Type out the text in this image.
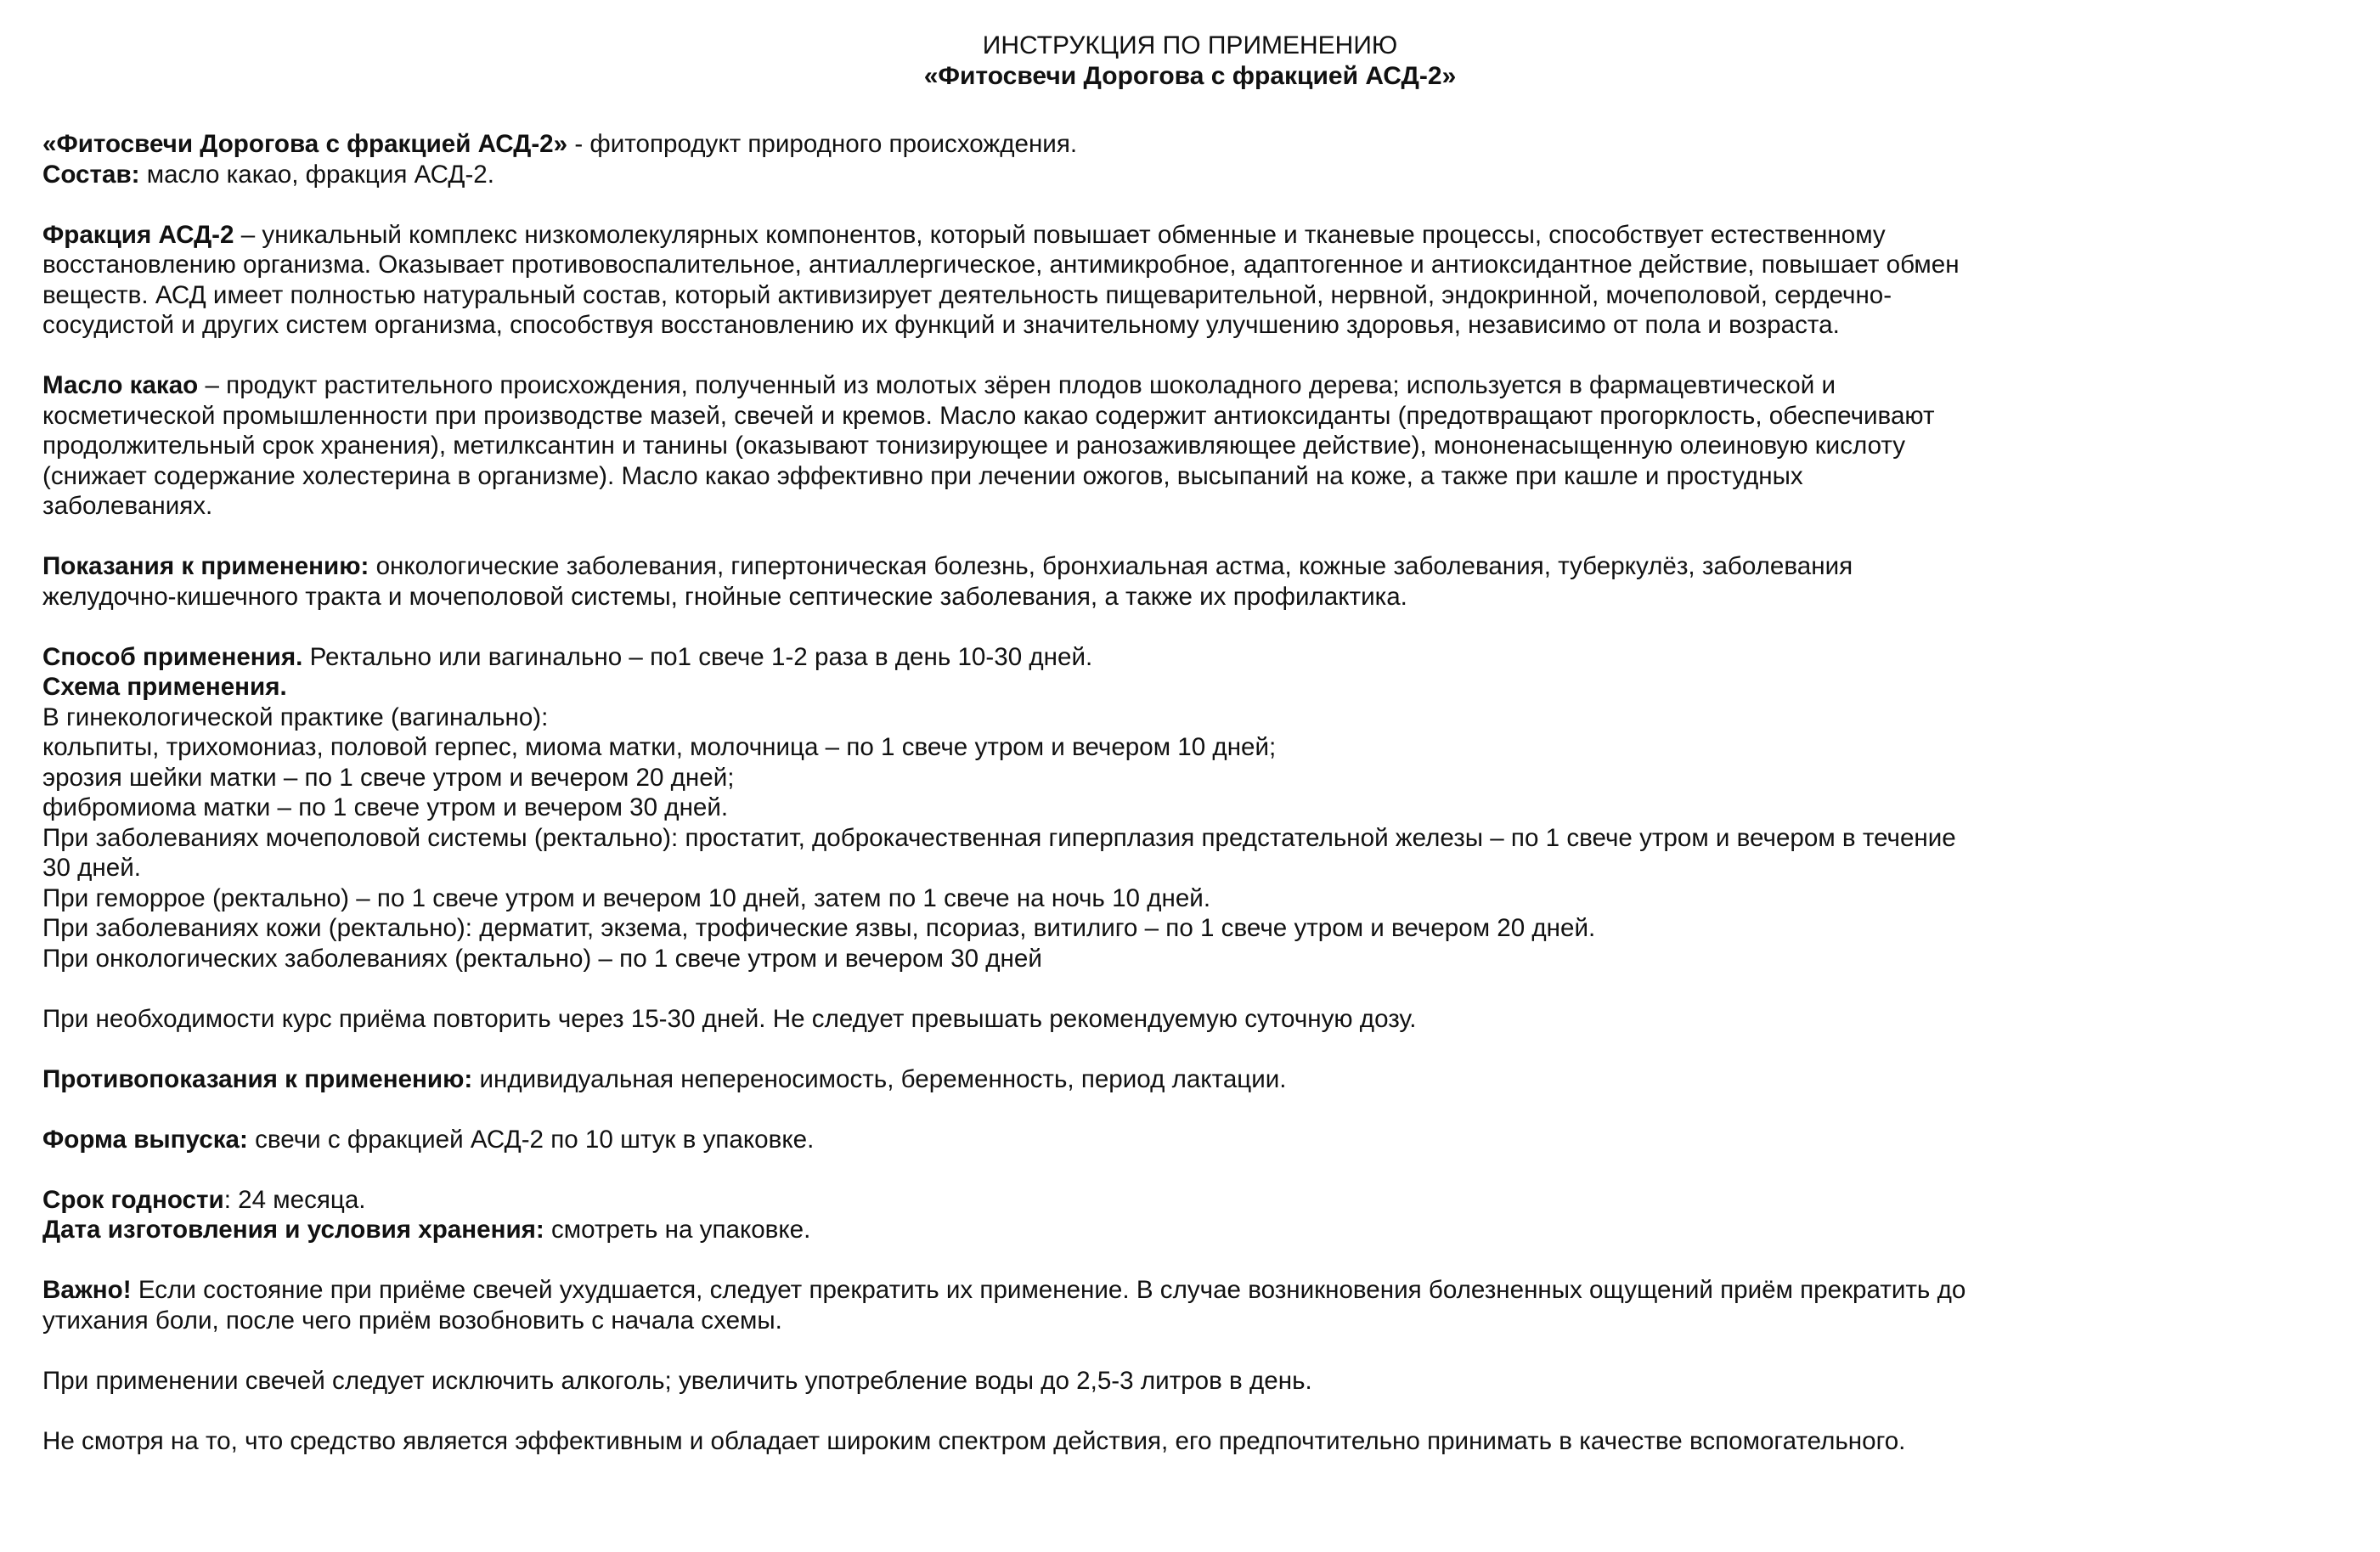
ИНСТРУКЦИЯ ПО ПРИМЕНЕНИЮ
«Фитосвечи Дорогова с фракцией АСД-2»
«Фитосвечи Дорогова с фракцией АСД-2» - фитопродукт природного происхождения.
Состав: масло какао, фракция АСД-2.
Фракция АСД-2 – уникальный комплекс низкомолекулярных компонентов, который повышает обменные и тканевые процессы, способствует естественному
восстановлению организма. Оказывает противовоспалительное, антиаллергическое, антимикробное, адаптогенное и антиоксидантное действие, повышает обмен
веществ. АСД имеет полностью натуральный состав, который активизирует деятельность пищеварительной, нервной, эндокринной, мочеполовой, сердечно-
сосудистой и других систем организма, способствуя восстановлению их функций и значительному улучшению здоровья, независимо от пола и возраста.
Масло какао – продукт растительного происхождения, полученный из молотых зёрен плодов шоколадного дерева; используется в фармацевтической и
косметической промышленности при производстве мазей, свечей и кремов. Масло какао содержит антиоксиданты (предотвращают прогорклость, обеспечивают
продолжительный срок хранения), метилксантин и танины (оказывают тонизирующее и ранозаживляющее действие), мононенасыщенную олеиновую кислоту
(снижает содержание холестерина в организме). Масло какао эффективно при лечении ожогов, высыпаний на коже, а также при кашле и простудных
заболеваниях.
Показания к применению: онкологические заболевания, гипертоническая болезнь, бронхиальная астма, кожные заболевания, туберкулёз, заболевания
желудочно-кишечного тракта и мочеполовой системы, гнойные септические заболевания, а также их профилактика.
Способ применения. Ректально или вагинально – по1 свече 1-2 раза в день 10-30 дней.
Схема применения.
В гинекологической практике (вагинально):
кольпиты, трихомониаз, половой герпес, миома матки, молочница – по 1 свече утром и вечером 10 дней;
эрозия шейки матки – по 1 свече утром и вечером 20 дней;
фибромиома матки – по 1 свече утром и вечером 30 дней.
При заболеваниях мочеполовой системы (ректально): простатит, доброкачественная гиперплазия предстательной железы – по 1 свече утром и вечером в течение
30 дней.
При геморрое (ректально) – по 1 свече утром и вечером 10 дней, затем по 1 свече на ночь 10 дней.
При заболеваниях кожи (ректально): дерматит, экзема, трофические язвы, псориаз, витилиго – по 1 свече утром и вечером 20 дней.
При онкологических заболеваниях (ректально) – по 1 свече утром и вечером 30 дней
При необходимости курс приёма повторить через 15-30 дней. Не следует превышать рекомендуемую суточную дозу.
Противопоказания к применению: индивидуальная непереносимость, беременность, период лактации.
Форма выпуска: свечи с фракцией АСД-2 по 10 штук в упаковке.
Срок годности: 24 месяца.
Дата изготовления и условия хранения: смотреть на упаковке.
Важно! Если состояние при приёме свечей ухудшается, следует прекратить их применение. В случае возникновения болезненных ощущений приём прекратить до
утихания боли, после чего приём возобновить с начала схемы.
При применении свечей следует исключить алкоголь; увеличить употребление воды до 2,5-3 литров в день.
Не смотря на то, что средство является эффективным и обладает широким спектром действия, его предпочтительно принимать в качестве вспомогательного.
